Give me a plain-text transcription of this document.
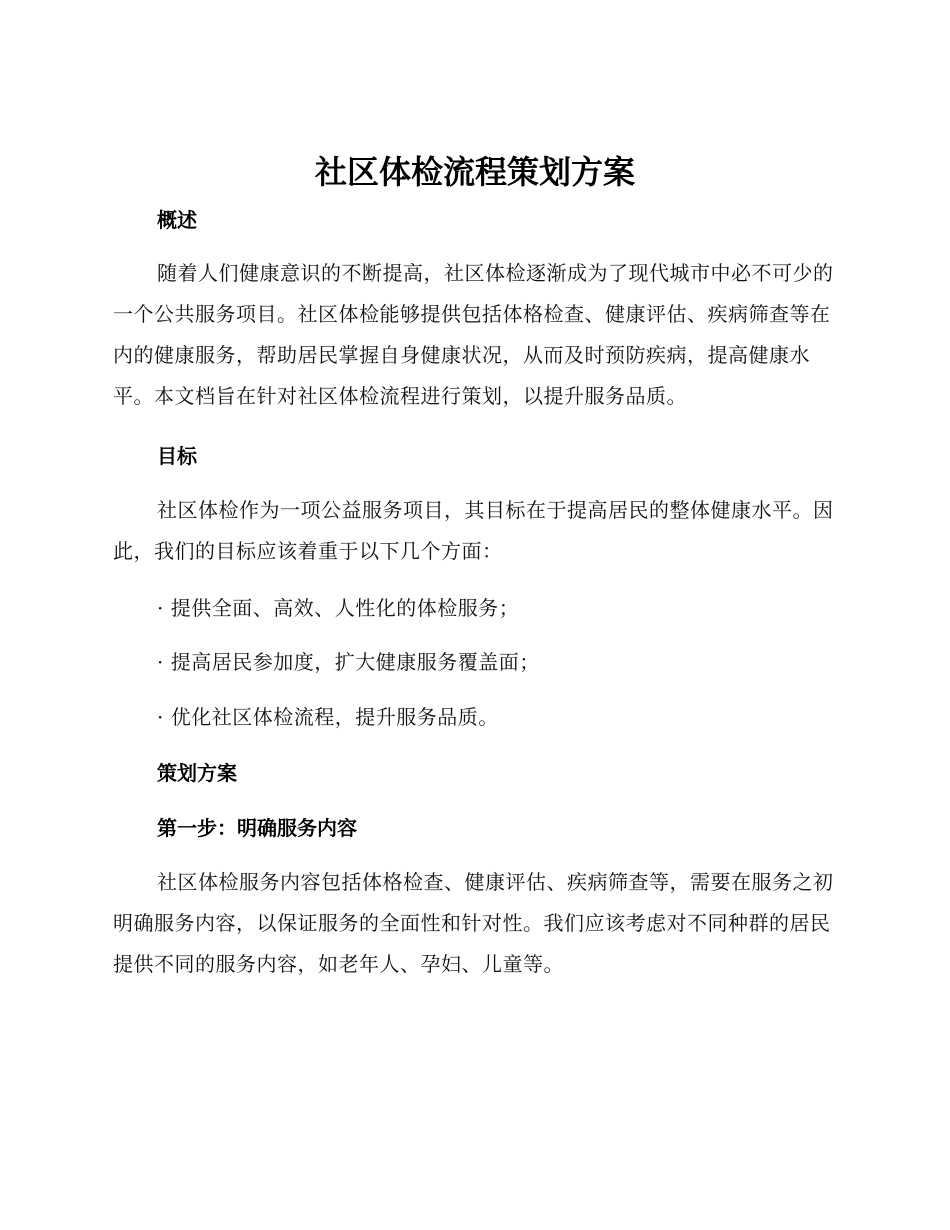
社区体检流程策划方案
概述
随着人们健康意识的不断提高，社区体检逐渐成为了现代城市中必不可少的一个公共服务项目。社区体检能够提供包括体格检查、健康评估、疾病筛查等在内的健康服务，帮助居民掌握自身健康状况，从而及时预防疾病，提高健康水平。本文档旨在针对社区体检流程进行策划，以提升服务品质。
目标
社区体检作为一项公益服务项目，其目标在于提高居民的整体健康水平。因此，我们的目标应该着重于以下几个方面：
· 提供全面、高效、人性化的体检服务；
· 提高居民参加度，扩大健康服务覆盖面；
· 优化社区体检流程，提升服务品质。
策划方案
第一步：明确服务内容
社区体检服务内容包括体格检查、健康评估、疾病筛查等，需要在服务之初明确服务内容，以保证服务的全面性和针对性。我们应该考虑对不同种群的居民提供不同的服务内容，如老年人、孕妇、儿童等。
